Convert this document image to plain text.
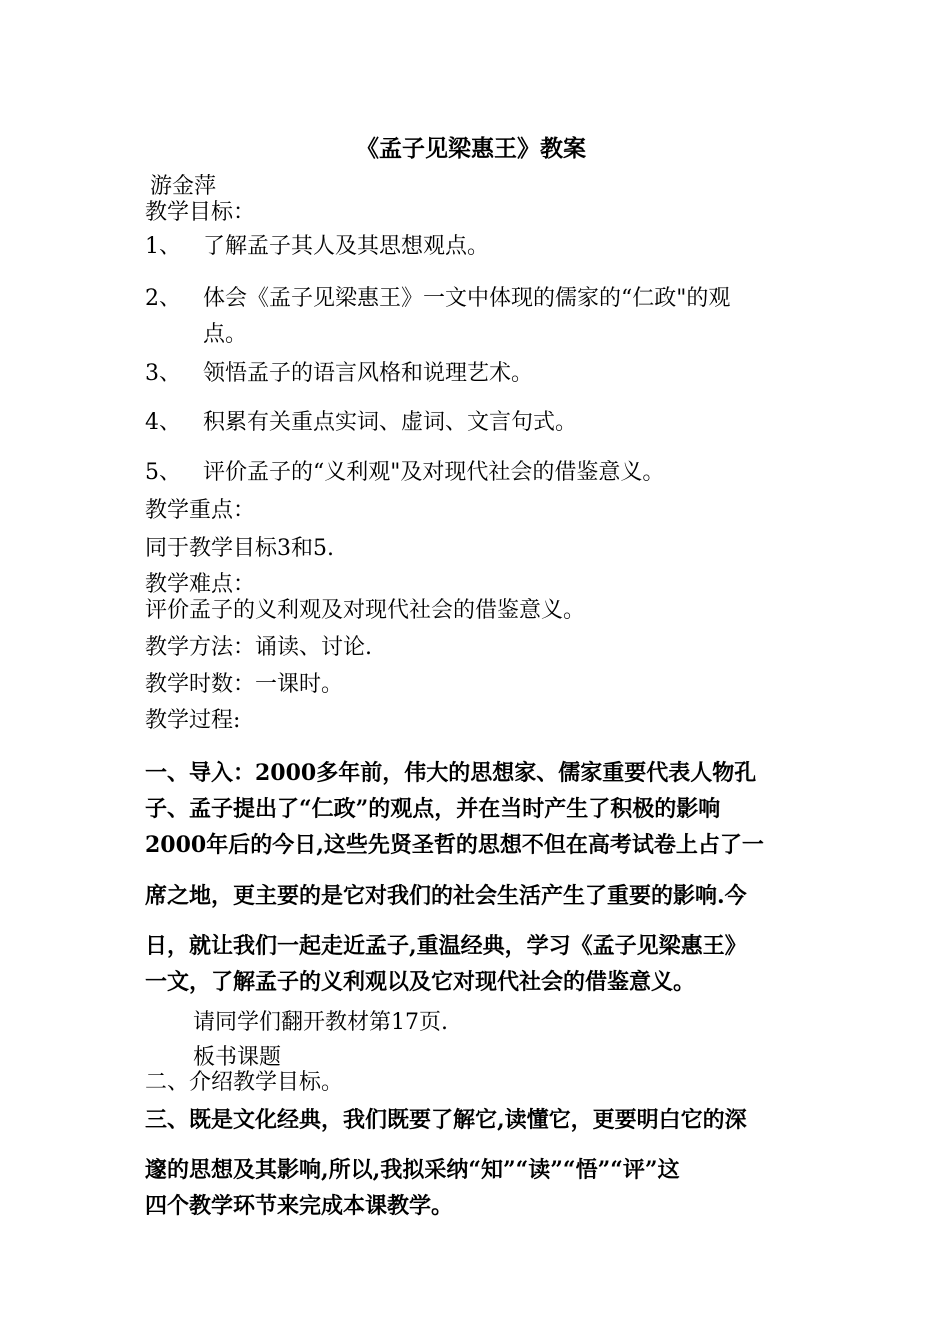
《孟子见梁惠王》教案
游金萍
教学目标：
1、 了解孟子其人及其思想观点。
2、 体会《孟子见梁惠王》一文中体现的儒家的“仁政"的观
点。
3、 领悟孟子的语言风格和说理艺术。
4、 积累有关重点实词、虚词、文言句式。
5、 评价孟子的“义利观"及对现代社会的借鉴意义。
教学重点：
同于教学目标3和5.
教学难点：
评价孟子的义利观及对现代社会的借鉴意义。
教学方法：诵读、讨论.
教学时数：一课时。
教学过程:
一、导入：2000多年前，伟大的思想家、儒家重要代表人物孔
子、孟子提出了“仁政”的观点，并在当时产生了积极的影响
2000年后的今日,这些先贤圣哲的思想不但在高考试卷上占了一
席之地，更主要的是它对我们的社会生活产生了重要的影响.今
日，就让我们一起走近孟子,重温经典，学习《孟子见梁惠王》
一文，了解孟子的义利观以及它对现代社会的借鉴意义。
请同学们翻开教材第17页.
板书课题
二、介绍教学目标。
三、既是文化经典，我们既要了解它,读懂它，更要明白它的深
邃的思想及其影响,所以,我拟采纳“知”“读”“悟”“评”这
四个教学环节来完成本课教学。
